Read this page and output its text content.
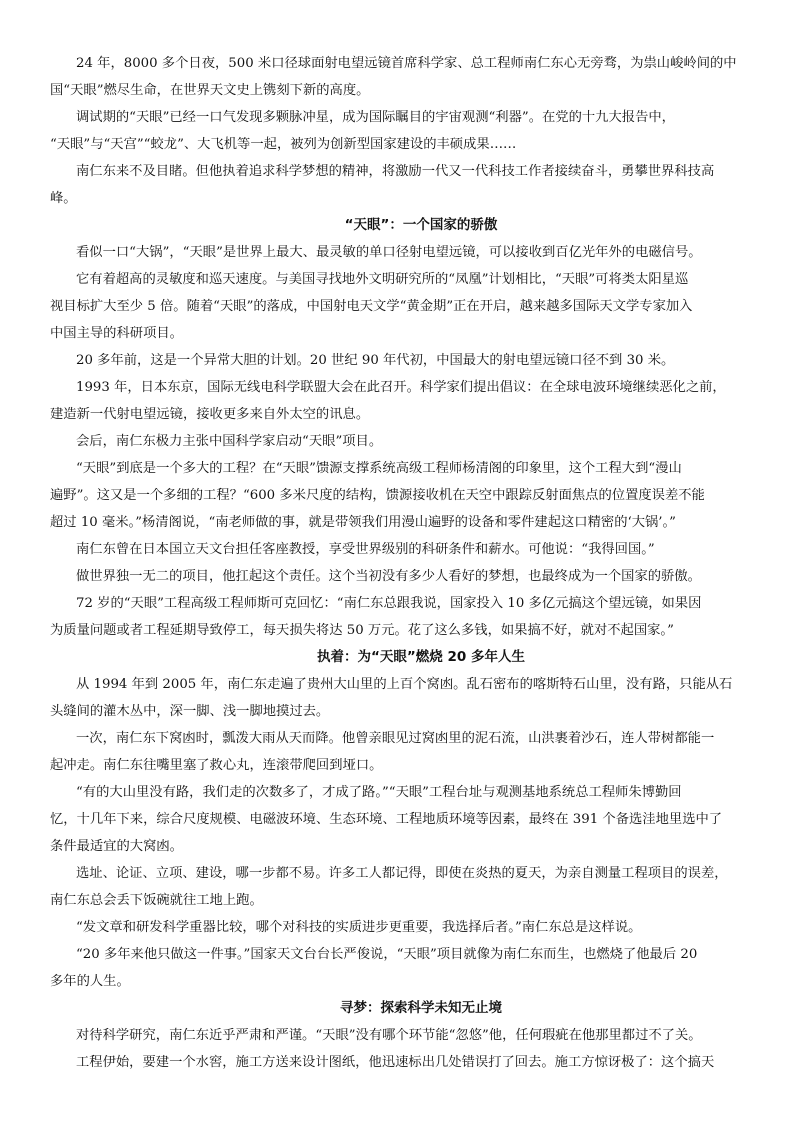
24 年，8000 多个日夜，500 米口径球面射电望远镜首席科学家、总工程师南仁东心无旁骛，为祟山峻岭间的中
国“天眼”燃尽生命，在世界天文史上镌刻下新的高度。
调试期的“天眼”已经一口气发现多颗脉冲星，成为国际瞩目的宇宙观测“利器”。在党的十九大报告中，
“天眼”与“天宫”“蛟龙”、大飞机等一起，被列为创新型国家建设的丰硕成果……
南仁东来不及目睹。但他执着追求科学梦想的精神，将激励一代又一代科技工作者接续奋斗，勇攀世界科技高
峰。
“天眼”：一个国家的骄傲
看似一口“大锅”，“天眼”是世界上最大、最灵敏的单口径射电望远镜，可以接收到百亿光年外的电磁信号。
它有着超高的灵敏度和巡天速度。与美国寻找地外文明研究所的“凤凰”计划相比，“天眼”可将类太阳星巡
视目标扩大至少 5 倍。随着“天眼”的落成，中国射电天文学“黄金期”正在开启，越来越多国际天文学专家加入
中国主导的科研项目。
20 多年前，这是一个异常大胆的计划。20 世纪 90 年代初，中国最大的射电望远镜口径不到 30 米。
1993 年，日本东京，国际无线电科学联盟大会在此召开。科学家们提出倡议：在全球电波环境继续恶化之前，
建造新一代射电望远镜，接收更多来自外太空的讯息。
会后，南仁东极力主张中国科学家启动“天眼”项目。
“天眼”到底是一个多大的工程？在“天眼”馈源支撑系统高级工程师杨清阁的印象里，这个工程大到“漫山
遍野”。这又是一个多细的工程？“600 多米尺度的结构，馈源接收机在天空中跟踪反射面焦点的位置度误差不能
超过 10 毫米。”杨清阁说，“南老师做的事，就是带领我们用漫山遍野的设备和零件建起这口精密的‘大锅’。”
南仁东曾在日本国立天文台担任客座教授，享受世界级别的科研条件和薪水。可他说：“我得回国。”
做世界独一无二的项目，他扛起这个责任。这个当初没有多少人看好的梦想，也最终成为一个国家的骄傲。
72 岁的“天眼”工程高级工程师斯可克回忆：“南仁东总跟我说，国家投入 10 多亿元搞这个望远镜，如果因
为质量问题或者工程延期导致停工，每天损失将达 50 万元。花了这么多钱，如果搞不好，就对不起国家。”
执着：为“天眼”燃烧 20 多年人生
从 1994 年到 2005 年，南仁东走遍了贵州大山里的上百个窝凼。乱石密布的喀斯特石山里，没有路，只能从石
头缝间的灌木丛中，深一脚、浅一脚地摸过去。
一次，南仁东下窝凼时，瓢泼大雨从天而降。他曾亲眼见过窝凼里的泥石流，山洪裹着沙石，连人带树都能一
起冲走。南仁东往嘴里塞了救心丸，连滚带爬回到垭口。
“有的大山里没有路，我们走的次数多了，才成了路。”“天眼”工程台址与观测基地系统总工程师朱博勤回
忆，十几年下来，综合尺度规模、电磁波环境、生态环境、工程地质环境等因素，最终在 391 个备选洼地里选中了
条件最适宜的大窝凼。
选址、论证、立项、建设，哪一步都不易。许多工人都记得，即使在炎热的夏天，为亲自测量工程项目的误差，
南仁东总会丢下饭碗就往工地上跑。
“发文章和研发科学重器比较，哪个对科技的实质进步更重要，我选择后者。”南仁东总是这样说。
“20 多年来他只做这一件事。”国家天文台台长严俊说，“天眼”项目就像为南仁东而生，也燃烧了他最后 20
多年的人生。
寻梦：探索科学未知无止境
对待科学研究，南仁东近乎严肃和严谨。“天眼”没有哪个环节能“忽悠”他，任何瑕疵在他那里都过不了关。
工程伊始，要建一个水窖，施工方送来设计图纸，他迅速标出几处错误打了回去。施工方惊讶极了：这个搞天
